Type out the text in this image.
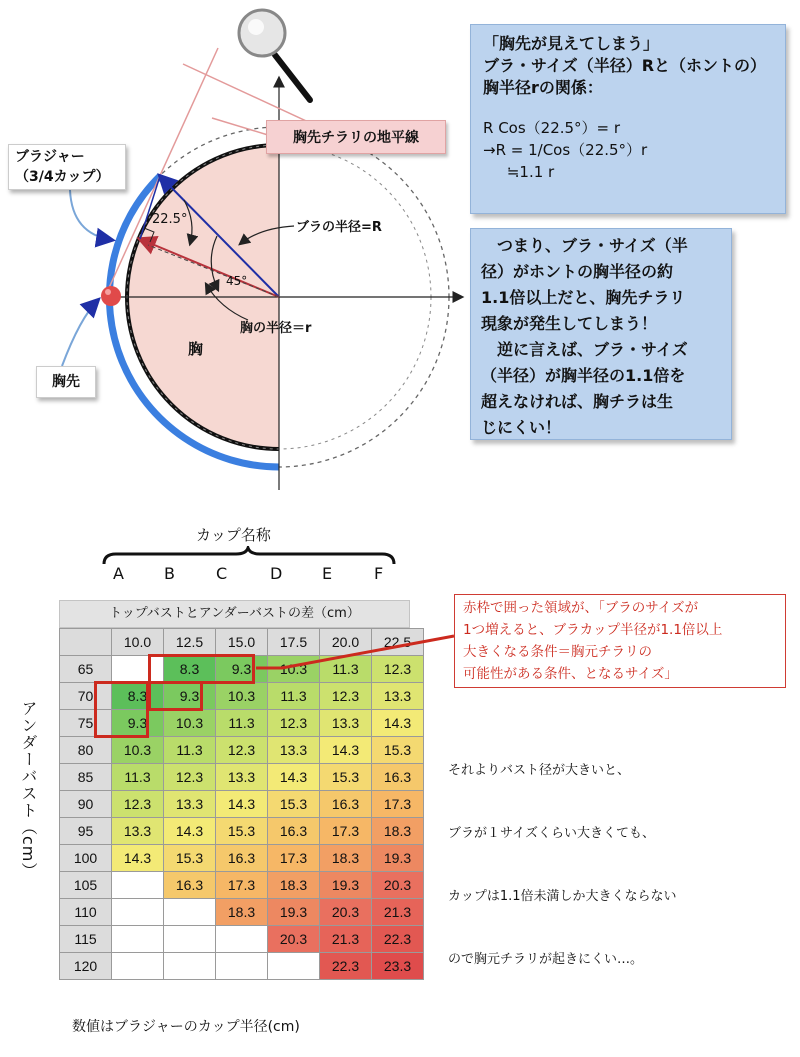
22.5°
45°
ブラの半径=R
胸の半径＝r
胸
ブラジャー
（3/4カップ）
胸先
胸先チラリの地平線
「胸先が見えてしまう」
ブラ・サイズ（半径）Rと（ホントの）
胸半径rの関係：
R Cos（22.5°）= r
→R = 1/Cos（22.5°）r
≒1.1 r
　つまり、ブラ・サイズ（半
径）がホントの胸半径の約
1.1倍以上だと、胸先チラリ
現象が発生してしまう！
　逆に言えば、ブラ・サイズ
（半径）が胸半径の1.1倍を
超えなければ、胸チラは生
じにくい！
カップ名称
A	B	C	D E	F
トップバストとアンダーバストの差（cm）
アンダーバスト（cm）
	10.0	12.5	15.0	17.5	20.0	22.5
65		8.3	9.3	10.3	11.3	12.3
70	8.3	9.3	10.3	11.3	12.3	13.3
75	9.3	10.3	11.3	12.3	13.3	14.3
80	10.3	11.3	12.3	13.3	14.3	15.3
85	11.3	12.3	13.3	14.3	15.3	16.3
90	12.3	13.3	14.3	15.3	16.3	17.3
95	13.3	14.3	15.3	16.3	17.3	18.3
100	14.3	15.3	16.3	17.3	18.3	19.3
105		16.3	17.3	18.3	19.3	20.3
110			18.3	19.3	20.3	21.3
115				20.3	21.3	22.3
120					22.3	23.3
赤枠で囲った領域が、「ブラのサイズが
1つ増えると、ブラカップ半径が1.1倍以上
大きくなる条件＝胸元チラリの
可能性がある条件、となるサイズ」

それよりバスト径が大きいと、

ブラが１サイズくらい大きくても、

カップは1.1倍未満しか大きくならない

ので胸元チラリが起きにくい…。

数値はブラジャーのカップ半径(cm)
